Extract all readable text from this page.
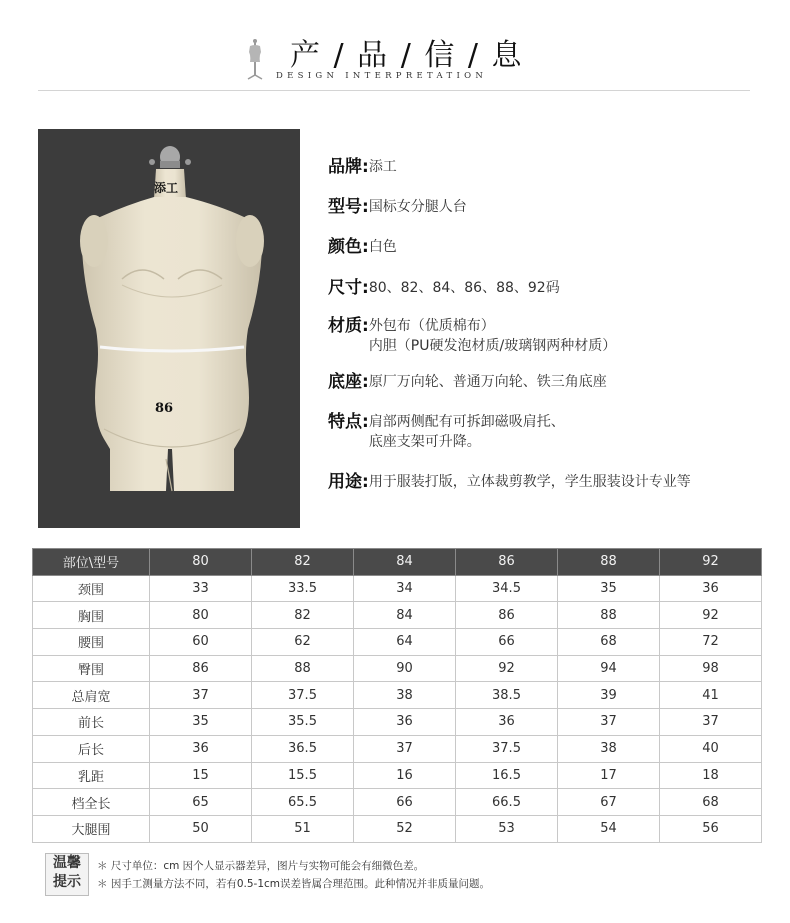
产 / 品 / 信 / 息
DESIGN INTERPRETATION
添工
86
品牌: 添工
型号: 国标女分腿人台
颜色: 白色
尺寸: 80、82、84、86、88、92码
材质: 外包布（优质棉布）
内胆（PU硬发泡材质/玻璃钢两种材质）
底座: 原厂万向轮、普通万向轮、铁三角底座
特点: 肩部两侧配有可拆卸磁吸肩托、
底座支架可升降。
用途: 用于服装打版，立体裁剪教学，学生服装设计专业等
部位\型号	80	82	84	86	88	92
颈围	33	33.5	34	34.5	35	36
胸围	80	82	84	86	88	92
腰围	60	62	64	66	68	72
臀围	86	88	90	92	94	98
总肩宽	37	37.5	38	38.5	39	41
前长	35	35.5	36	36	37	37
后长	36	36.5	37	37.5	38	40
乳距	15	15.5	16	16.5	17	18
档全长	65	65.5	66	66.5	67	68
大腿围	50	51	52	53	54	56
温馨
提示
＊ 尺寸单位：cm 因个人显示器差异，图片与实物可能会有细微色差。
＊ 因手工测量方法不同，若有0.5-1cm误差皆属合理范围。此种情况并非质量问题。
